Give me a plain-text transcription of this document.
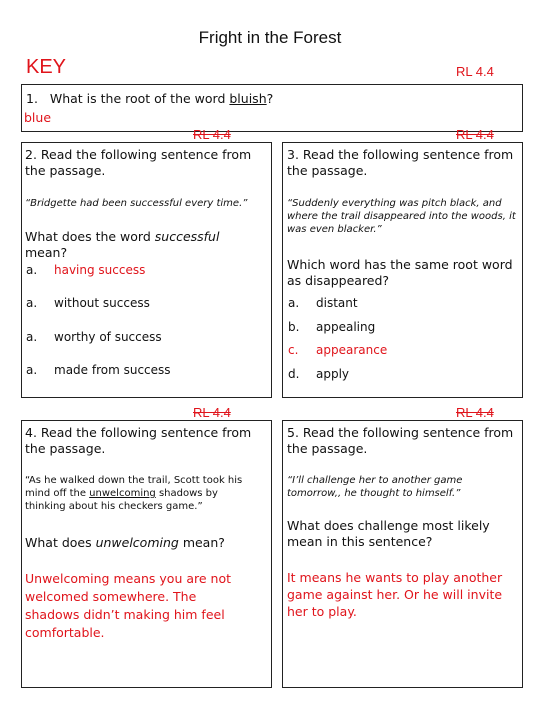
Fright in the Forest
KEY	RL 4.4
1. What is the root of the word bluish?
blue
RL 4.4
2. Read the following sentence from the passage.
“Bridgette had been successful every time.”
What does the word successful mean?
a. having success
a. without success
a. worthy of success
a. made from success
RL 4.4
3. Read the following sentence from the passage.
“Suddenly everything was pitch black, and where the trail disappeared into the woods, it was even blacker.”
Which word has the same root word as disappeared?
a. distant
b. appealing
c. appearance
d. apply
RL 4.4
4. Read the following sentence from the passage.
“As he walked down the trail, Scott took his mind off the unwelcoming shadows by thinking about his checkers game.”
What does unwelcoming mean?
Unwelcoming means you are not welcomed somewhere. The shadows didn’t making him feel comfortable.
RL 4.4
5. Read the following sentence from the passage.
“I’ll challenge her to another game tomorrow,, he thought to himself.”
What does challenge most likely mean in this sentence?
It means he wants to play another game against her. Or he will invite her to play.
